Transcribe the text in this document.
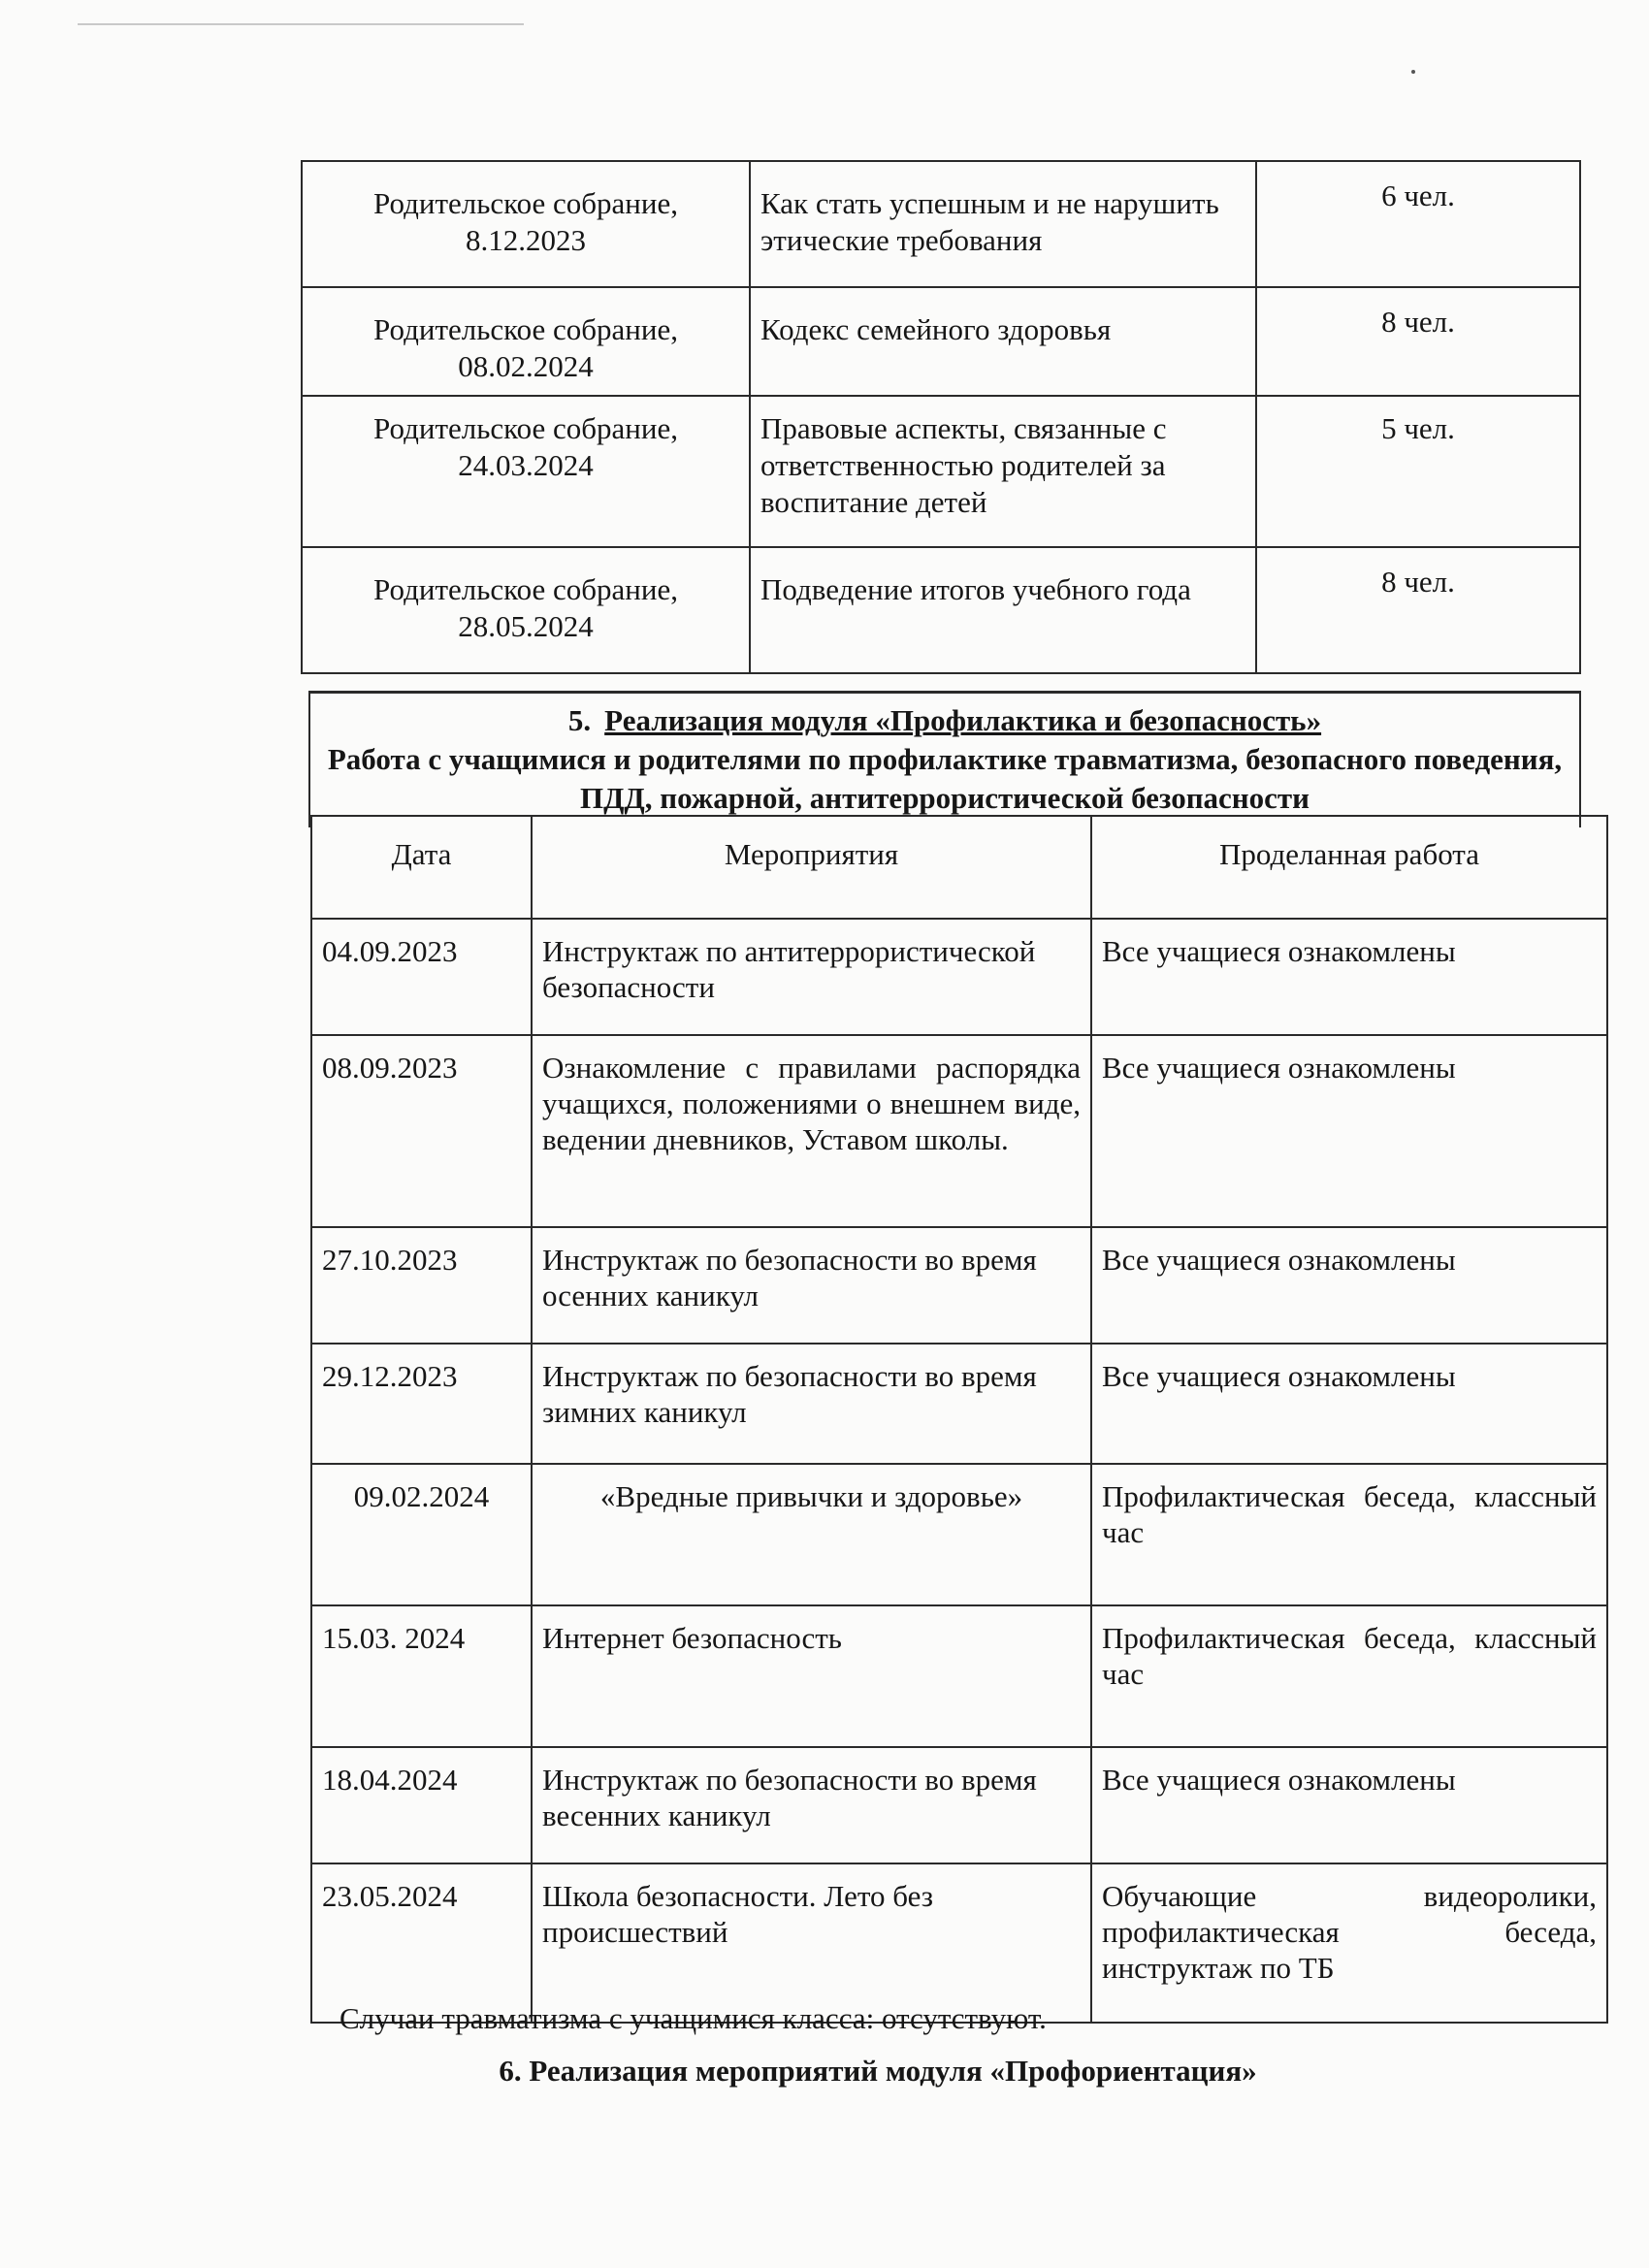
Родительское собрание, 8.12.2023	Как стать успешным и не нарушить этические требования	6 чел.
Родительское собрание, 08.02.2024	Кодекс семейного здоровья	8 чел.
Родительское собрание, 24.03.2024	Правовые аспекты, связанные с ответственностью родителей за воспитание детей	5 чел.
Родительское собрание, 28.05.2024	Подведение итогов учебного года	8 чел.
5. Реализация модуля «Профилактика и безопасность»
Работа с учащимися и родителями по профилактике травматизма, безопасного поведения, ПДД, пожарной, антитеррористической безопасности
Дата	Мероприятия	Проделанная работа
04.09.2023	Инструктаж по антитеррористической безопасности	Все учащиеся ознакомлены
08.09.2023	Ознакомление с правилами распорядка учащихся, положениями о внешнем виде, ведении дневников, Уставом школы.	Все учащиеся ознакомлены
27.10.2023	Инструктаж по безопасности во время осенних каникул	Все учащиеся ознакомлены
29.12.2023	Инструктаж по безопасности во время зимних каникул	Все учащиеся ознакомлены
09.02.2024	«Вредные привычки и здоровье»	Профилактическая беседа, классный час
15.03. 2024	Интернет безопасность	Профилактическая беседа, классный час
18.04.2024	Инструктаж по безопасности во время весенних каникул	Все учащиеся ознакомлены
23.05.2024	Школа безопасности. Лето без происшествий	Обучающие видеоролики, профилактическая беседа, инструктаж по ТБ
Случаи травматизма с учащимися класса: отсутствуют.
6. Реализация мероприятий модуля «Профориентация»
